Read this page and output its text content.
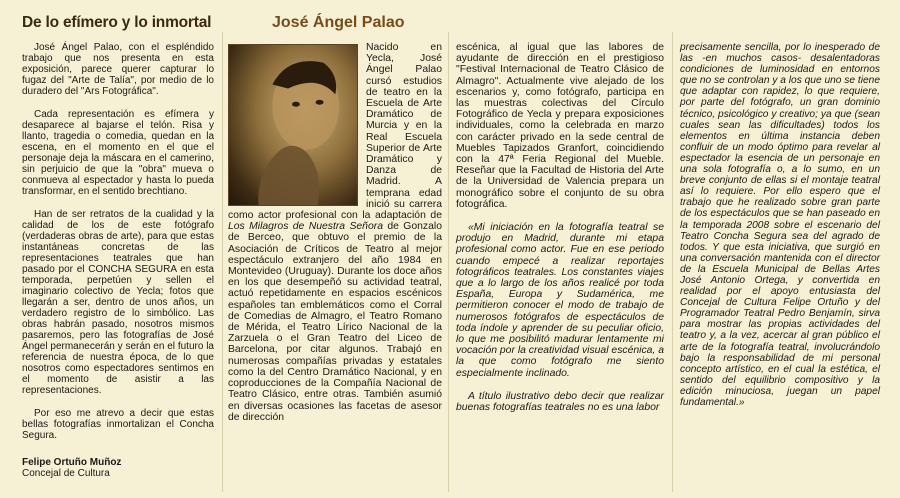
De lo efímero y lo inmortal	José Ángel Palao

José Ángel Palao, con el espléndido trabajo que nos presenta en esta exposición, parece querer capturar lo fugaz del "Arte de Talía", por medio de lo duradero del "Ars Fotográfica".

Cada representación es efímera y desaparece al bajarse el telón. Risa y llanto, tragedia o comedia, quedan en la escena, en el momento en el que el personaje deja la máscara en el camerino, sin perjuicio de que la "obra" mueva o conmueva al espectador y hasta lo pueda transformar, en el sentido brechtiano.

Han de ser retratos de la cualidad y la calidad de los de este fotógrafo (verdaderas obras de arte), para que estas instantáneas concretas de las representaciones teatrales que han pasado por el CONCHA SEGURA en esta temporada, perpetúen y sellen el imaginario colectivo de Yecla; fotos que llegarán a ser, dentro de unos años, un verdadero registro de lo simbólico. Las obras habrán pasado, nosotros mismos pasaremos, pero las fotografías de José Ángel permanecerán y serán en el futuro la referencia de nuestra época, de lo que nosotros como espectadores sentimos en el momento de asistir a las representaciones.

Por eso me atrevo a decir que estas bellas fotografías inmortalizan el Concha Segura.

Felipe Ortuño Muñoz

Concejal de Cultura

Nacido en Yecla, José Ángel Palao cursó estudios de teatro en la Escuela de Arte Dramático de Murcia y en la Real Escuela Superior de Arte Dramático y Danza de Madrid. A temprana edad inició su carrera como actor profesional con la adaptación de Los Milagros de Nuestra Señora de Gonzalo de Berceo, que obtuvo el premio de la Asociación de Críticos de Teatro al mejor espectáculo extranjero del año 1984 en Montevideo (Uruguay). Durante los doce años en los que desempeñó su actividad teatral, actuó repetidamente en espacios escénicos españoles tan emblemáticos como el Corral de Comedias de Almagro, el Teatro Romano de Mérida, el Teatro Lírico Nacional de la Zarzuela o el Gran Teatro del Liceo de Barcelona, por citar algunos. Trabajó en numerosas compañías privadas y estatales como la del Centro Dramático Nacional, y en coproducciones de la Compañía Nacional de Teatro Clásico, entre otras. También asumió en diversas ocasiones las facetas de asesor de dirección

escénica, al igual que las labores de ayudante de dirección en el prestigioso "Festival Internacional de Teatro Clásico de Almagro". Actualmente vive alejado de los escenarios y, como fotógrafo, participa en las muestras colectivas del Círculo Fotográfico de Yecla y prepara exposiciones individuales, como la celebrada en marzo con carácter privado en la sede central de Muebles Tapizados Granfort, coincidiendo con la 47ª Feria Regional del Mueble. Reseñar que la Facultad de Historia del Arte de la Universidad de Valencia prepara un monográfico sobre el conjunto de su obra fotográfica.

«Mi iniciación en la fotografía teatral se produjo en Madrid, durante mi etapa profesional como actor. Fue en ese periodo cuando empecé a realizar reportajes fotográficos teatrales. Los constantes viajes que a lo largo de los años realicé por toda España, Europa y Sudamérica, me permitieron conocer el modo de trabajo de numerosos fotógrafos de espectáculos de toda índole y aprender de su peculiar oficio, lo que me posibilitó madurar lentamente mi vocación por la creatividad visual escénica, a la que como fotógrafo me siento especialmente inclinado.

A título ilustrativo debo decir que realizar buenas fotografías teatrales no es una labor

precisamente sencilla, por lo inesperado de las -en muchos casos- desalentadoras condiciones de luminosidad en entornos que no se controlan y a los que uno se tiene que adaptar con rapidez, lo que requiere, por parte del fotógrafo, un gran dominio técnico, psicológico y creativo; ya que (sean cuales sean las dificultades) todos los elementos en última instancia deben confluir de un modo óptimo para revelar al espectador la esencia de un personaje en una sola fotografía o, a lo sumo, en un breve conjunto de ellas si el montaje teatral así lo requiere. Por ello espero que el trabajo que he realizado sobre gran parte de los espectáculos que se han paseado en la temporada 2008 sobre el escenario del Teatro Concha Segura sea del agrado de todos. Y que esta iniciativa, que surgió en una conversación mantenida con el director de la Escuela Municipal de Bellas Artes José Antonio Ortega, y convertida en realidad por el apoyo entusiasta del Concejal de Cultura Felipe Ortuño y del Programador Teatral Pedro Benjamín, sirva para mostrar las propias actividades del teatro y, a la vez, acercar al gran público el arte de la fotografía teatral, involucrándolo bajo la responsabilidad de mi personal concepto artístico, en el cual la estética, el sentido del equilibrio compositivo y la edición minuciosa, juegan un papel fundamental.»
